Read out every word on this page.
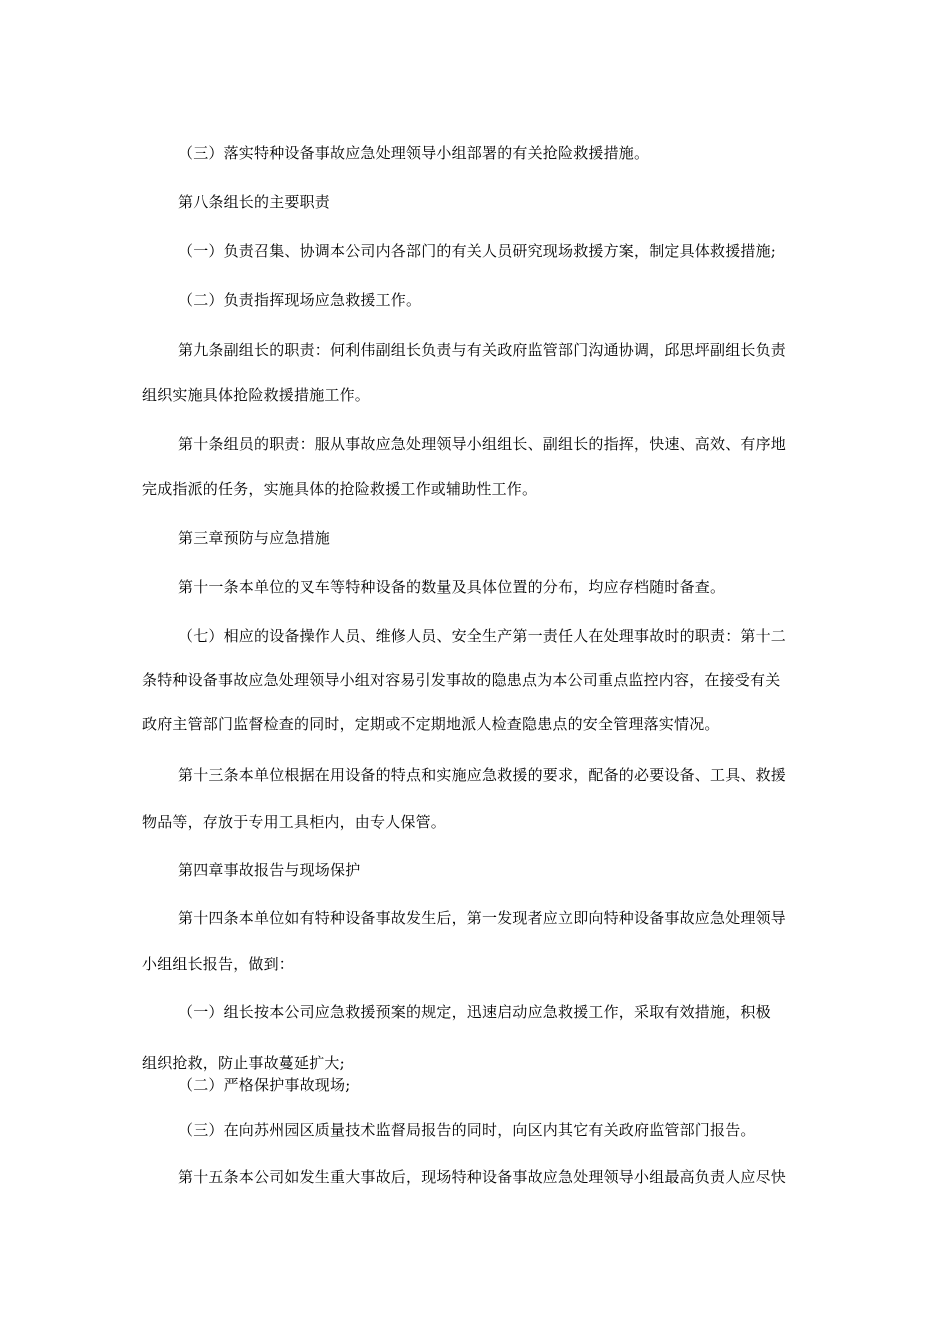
（三）落实特种设备事故应急处理领导小组部署的有关抢险救援措施。
第八条组长的主要职责
（一）负责召集、协调本公司内各部门的有关人员研究现场救援方案，制定具体救援措施;
（二）负责指挥现场应急救援工作。
第九条副组长的职责：何利伟副组长负责与有关政府监管部门沟通协调，邱思坪副组长负责
组织实施具体抢险救援措施工作。
第十条组员的职责：服从事故应急处理领导小组组长、副组长的指挥，快速、高效、有序地
完成指派的任务，实施具体的抢险救援工作或辅助性工作。
第三章预防与应急措施
第十一条本单位的叉车等特种设备的数量及具体位置的分布，均应存档随时备查。
（七）相应的设备操作人员、维修人员、安全生产第一责任人在处理事故时的职责：第十二
条特种设备事故应急处理领导小组对容易引发事故的隐患点为本公司重点监控内容，在接受有关
政府主管部门监督检查的同时，定期或不定期地派人检查隐患点的安全管理落实情况。
第十三条本单位根据在用设备的特点和实施应急救援的要求，配备的必要设备、工具、救援
物品等，存放于专用工具柜内，由专人保管。
第四章事故报告与现场保护
第十四条本单位如有特种设备事故发生后，第一发现者应立即向特种设备事故应急处理领导
小组组长报告，做到：
（一）组长按本公司应急救援预案的规定，迅速启动应急救援工作，采取有效措施，积极
组织抢救，防止事故蔓延扩大;
（二）严格保护事故现场;
（三）在向苏州园区质量技术监督局报告的同时，向区内其它有关政府监管部门报告。
第十五条本公司如发生重大事故后，现场特种设备事故应急处理领导小组最高负责人应尽快
